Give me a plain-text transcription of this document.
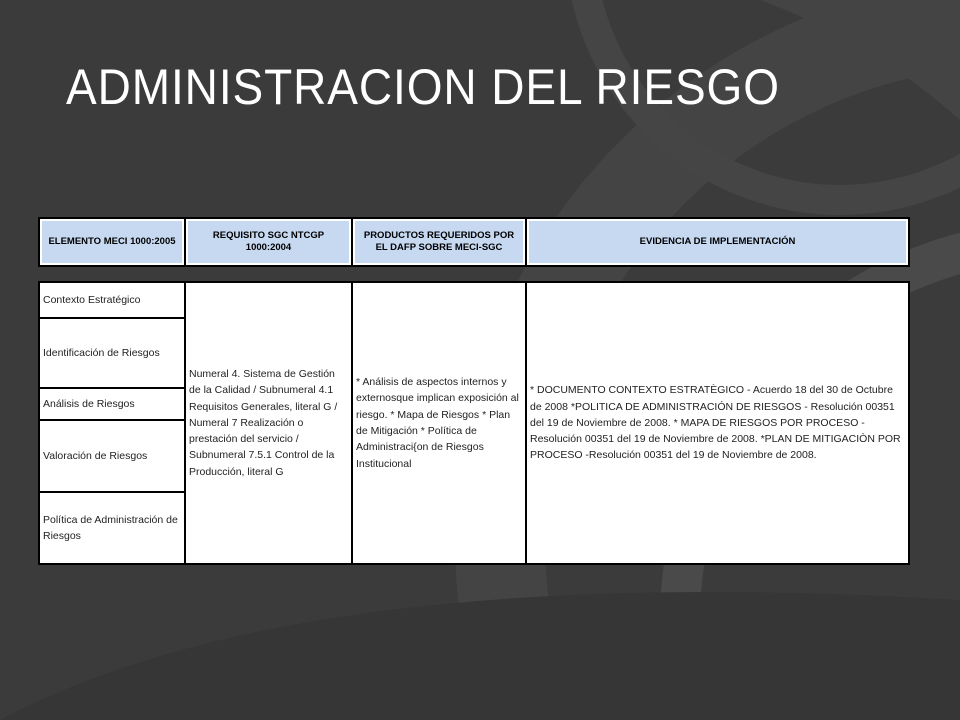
ADMINISTRACION DEL RIESGO
ELEMENTO MECI 1000:2005	REQUISITO SGC NTCGP 1000:2004	PRODUCTOS REQUERIDOS POR EL DAFP SOBRE MECI-SGC	EVIDENCIA DE IMPLEMENTACIÓN
Contexto Estratégico	Numeral 4. Sistema de Gestión de la Calidad / Subnumeral 4.1 Requisitos Generales, literal G / Numeral 7 Realización o prestación del servicio / Subnumeral 7.5.1 Control de la Producción, literal G	* Análisis de aspectos internos y externosque implican exposición al riesgo. * Mapa de Riesgos * Plan de Mitigación * Política de Administraci{on de Riesgos Institucional	* DOCUMENTO CONTEXTO ESTRATÈGICO - Acuerdo 18 del 30 de Octubre de 2008 *POLITICA DE ADMINISTRACIÓN DE RIESGOS - Resolución 00351 del 19 de Noviembre de 2008. * MAPA DE RIESGOS POR PROCESO - Resolución 00351 del 19 de Noviembre de 2008. *PLAN DE MITIGACIÒN POR PROCESO -Resolución 00351 del 19 de Noviembre de 2008.
Identificación de Riesgos
Análisis de Riesgos
Valoración de Riesgos
Política de Administración de Riesgos
